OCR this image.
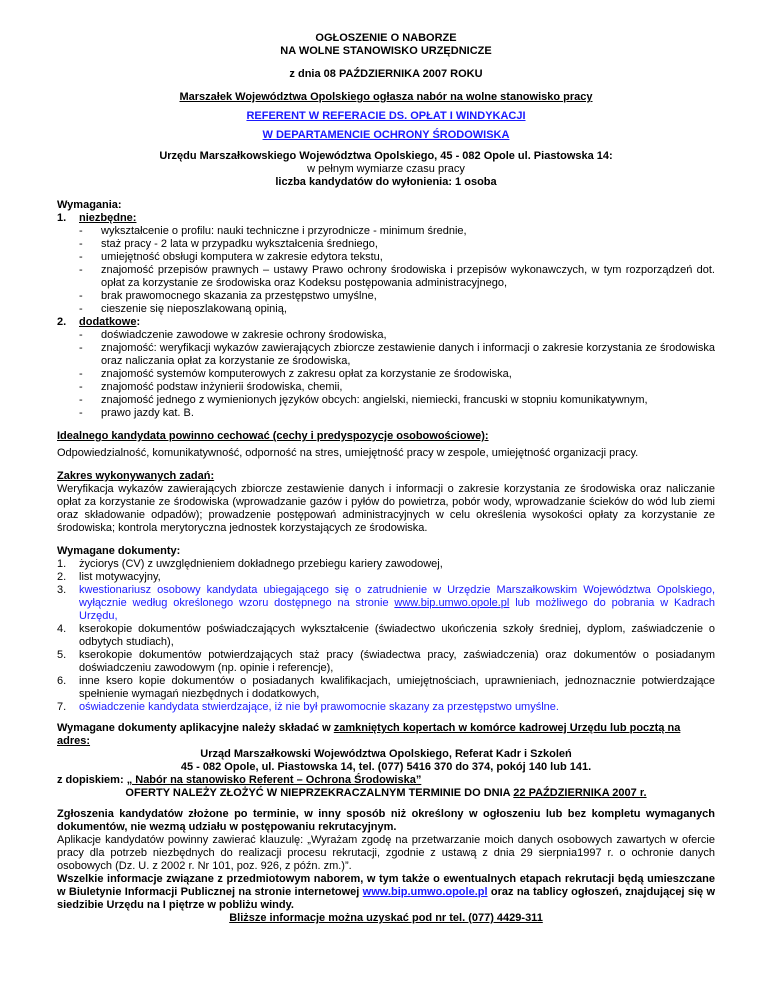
OGŁOSZENIE O NABORZE

NA WOLNE STANOWISKO URZĘDNICZE

z dnia 08 PAŹDZIERNIKA 2007 ROKU

Marszałek Województwa Opolskiego ogłasza nabór na wolne stanowisko pracy

REFERENT W REFERACIE DS. OPŁAT I WINDYKACJI

W DEPARTAMENCIE OCHRONY ŚRODOWISKA

Urzędu Marszałkowskiego Województwa Opolskiego, 45 - 082 Opole ul. Piastowska 14:

w pełnym wymiarze czasu pracy

liczba kandydatów do wyłonienia: 1 osoba

Wymagania:

1.	niezbędne:
-	wykształcenie o profilu: nauki techniczne i przyrodnicze - minimum średnie,
-	staż pracy - 2 lata w przypadku wykształcenia średniego,
-	umiejętność obsługi komputera w zakresie edytora tekstu,
-	znajomość przepisów prawnych – ustawy Prawo ochrony środowiska i przepisów wykonawczych, w tym rozporządzeń dot. opłat za korzystanie ze środowiska oraz Kodeksu postępowania administracyjnego,
-	brak prawomocnego skazania za przestępstwo umyślne,
-	cieszenie się nieposzlakowaną opinią,
2.	dodatkowe:
-	doświadczenie zawodowe w zakresie ochrony środowiska,
-	znajomość: weryfikacji wykazów zawierających zbiorcze zestawienie danych i informacji o zakresie korzystania ze środowiska oraz naliczania opłat za korzystanie ze środowiska,
-	znajomość systemów komputerowych z zakresu opłat za korzystanie ze środowiska,
-	znajomość podstaw inżynierii środowiska, chemii,
-	znajomość jednego z wymienionych języków obcych: angielski, niemiecki, francuski w stopniu komunikatywnym,
-	prawo jazdy kat. B.

Idealnego kandydata powinno cechować (cechy i predyspozycje osobowościowe):

Odpowiedzialność, komunikatywność, odporność na stres, umiejętność pracy w zespole, umiejętność organizacji pracy.

Zakres wykonywanych zadań:

Weryfikacja wykazów zawierających zbiorcze zestawienie danych i informacji o zakresie korzystania ze środowiska oraz naliczanie opłat za korzystanie ze środowiska (wprowadzanie gazów i pyłów do powietrza, pobór wody, wprowadzanie ścieków do wód lub ziemi oraz składowanie odpadów); prowadzenie postępowań administracyjnych w celu określenia wysokości opłaty za korzystanie ze środowiska; kontrola merytoryczna jednostek korzystających ze środowiska.

Wymagane dokumenty:

1.	życiorys (CV) z uwzględnieniem dokładnego przebiegu kariery zawodowej,
2.	list motywacyjny,
3.	kwestionariusz osobowy kandydata ubiegającego się o zatrudnienie w Urzędzie Marszałkowskim Województwa Opolskiego, wyłącznie według określonego wzoru dostępnego na stronie www.bip.umwo.opole.pl lub możliwego do pobrania w Kadrach Urzędu,
4.	kserokopie dokumentów poświadczających wykształcenie (świadectwo ukończenia szkoły średniej, dyplom, zaświadczenie o odbytych studiach),
5.	kserokopie dokumentów potwierdzających staż pracy (świadectwa pracy, zaświadczenia) oraz dokumentów o posiadanym doświadczeniu zawodowym (np. opinie i referencje),
6.	inne ksero kopie dokumentów o posiadanych kwalifikacjach, umiejętnościach, uprawnieniach, jednoznacznie potwierdzające spełnienie wymagań niezbędnych i dodatkowych,
7.	oświadczenie kandydata stwierdzające, iż nie był prawomocnie skazany za przestępstwo umyślne.

Wymagane dokumenty aplikacyjne należy składać w zamkniętych kopertach w komórce kadrowej Urzędu lub pocztą na adres:

Urząd Marszałkowski Województwa Opolskiego, Referat Kadr i Szkoleń

45 - 082 Opole, ul. Piastowska 14, tel. (077) 5416 370 do 374, pokój 140 lub 141.

z dopiskiem: „ Nabór na stanowisko Referent – Ochrona Środowiska”

OFERTY NALEŻY ZŁOŻYĆ W NIEPRZEKRACZALNYM TERMINIE DO DNIA 22 PAŹDZIERNIKA 2007 r.

Zgłoszenia kandydatów złożone po terminie, w inny sposób niż określony w ogłoszeniu lub bez kompletu wymaganych dokumentów, nie wezmą udziału w postępowaniu rekrutacyjnym.

Aplikacje kandydatów powinny zawierać klauzulę: „Wyrażam zgodę na przetwarzanie moich danych osobowych zawartych w ofercie pracy dla potrzeb niezbędnych do realizacji procesu rekrutacji, zgodnie z ustawą z dnia 29 sierpnia1997 r. o ochronie danych osobowych (Dz. U. z 2002 r. Nr 101, poz. 926, z późn. zm.)”.

Wszelkie informacje związane z przedmiotowym naborem, w tym także o ewentualnych etapach rekrutacji będą umieszczane w Biuletynie Informacji Publicznej na stronie internetowej www.bip.umwo.opole.pl oraz na tablicy ogłoszeń, znajdującej się w siedzibie Urzędu na I piętrze w pobliżu windy.

Bliższe informacje można uzyskać pod nr tel. (077) 4429-311
